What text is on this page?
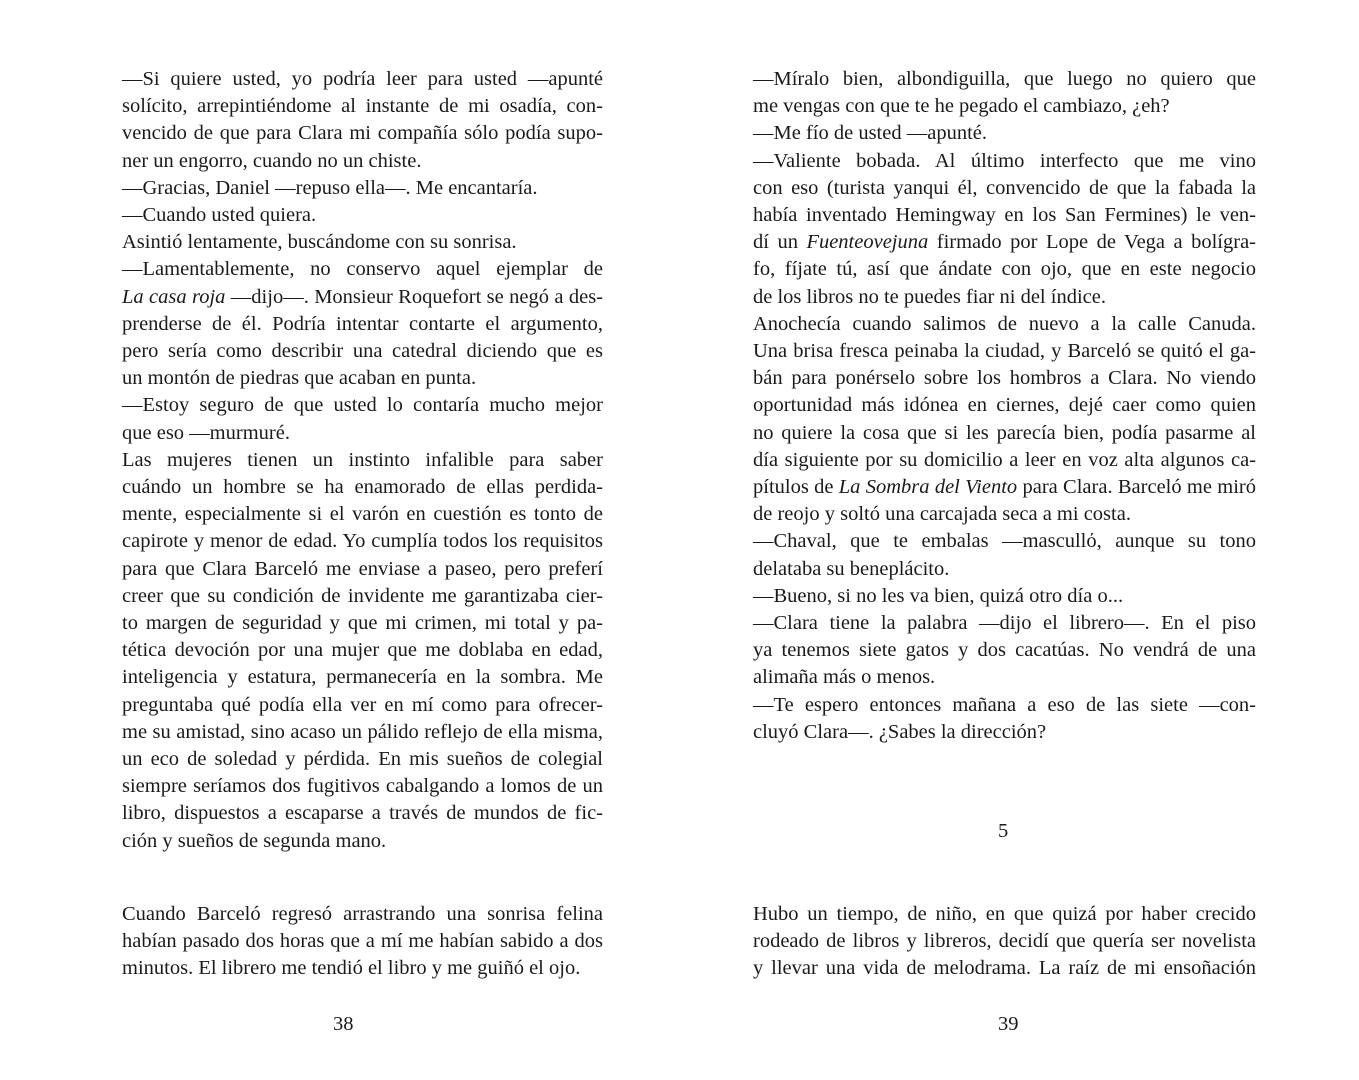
—Si quiere usted, yo podría leer para usted —apunté
solícito, arrepintiéndome al instante de mi osadía, con-
vencido de que para Clara mi compañía sólo podía supo-
ner un engorro, cuando no un chiste.
—Gracias, Daniel —repuso ella—. Me encantaría.
—Cuando usted quiera.
Asintió lentamente, buscándome con su sonrisa.
—Lamentablemente, no conservo aquel ejemplar de
La casa roja —dijo—. Monsieur Roquefort se negó a des-
prenderse de él. Podría intentar contarte el argumento,
pero sería como describir una catedral diciendo que es
un montón de piedras que acaban en punta.
—Estoy seguro de que usted lo contaría mucho mejor
que eso —murmuré.
Las mujeres tienen un instinto infalible para saber
cuándo un hombre se ha enamorado de ellas perdida-
mente, especialmente si el varón en cuestión es tonto de
capirote y menor de edad. Yo cumplía todos los requisitos
para que Clara Barceló me enviase a paseo, pero preferí
creer que su condición de invidente me garantizaba cier-
to margen de seguridad y que mi crimen, mi total y pa-
tética devoción por una mujer que me doblaba en edad,
inteligencia y estatura, permanecería en la sombra. Me
preguntaba qué podía ella ver en mí como para ofrecer-
me su amistad, sino acaso un pálido reflejo de ella misma,
un eco de soledad y pérdida. En mis sueños de colegial
siempre seríamos dos fugitivos cabalgando a lomos de un
libro, dispuestos a escaparse a través de mundos de fic-
ción y sueños de segunda mano.
Cuando Barceló regresó arrastrando una sonrisa felina
habían pasado dos horas que a mí me habían sabido a dos
minutos. El librero me tendió el libro y me guiñó el ojo.
38
—Míralo bien, albondiguilla, que luego no quiero que
me vengas con que te he pegado el cambiazo, ¿eh?
—Me fío de usted —apunté.
—Valiente bobada. Al último interfecto que me vino
con eso (turista yanqui él, convencido de que la fabada la
había inventado Hemingway en los San Fermines) le ven-
dí un Fuenteovejuna firmado por Lope de Vega a bolígra-
fo, fíjate tú, así que ándate con ojo, que en este negocio
de los libros no te puedes fiar ni del índice.
Anochecía cuando salimos de nuevo a la calle Canuda.
Una brisa fresca peinaba la ciudad, y Barceló se quitó el ga-
bán para ponérselo sobre los hombros a Clara. No viendo
oportunidad más idónea en ciernes, dejé caer como quien
no quiere la cosa que si les parecía bien, podía pasarme al
día siguiente por su domicilio a leer en voz alta algunos ca-
pítulos de La Sombra del Viento para Clara. Barceló me miró
de reojo y soltó una carcajada seca a mi costa.
—Chaval, que te embalas —mascullό, aunque su tono
delataba su beneplácito.
—Bueno, si no les va bien, quizá otro día o...
—Clara tiene la palabra —dijo el librero—. En el piso
ya tenemos siete gatos y dos cacatúas. No vendrá de una
alimaña más o menos.
—Te espero entonces mañana a eso de las siete —con-
cluyó Clara—. ¿Sabes la dirección?
5
Hubo un tiempo, de niño, en que quizá por haber crecido
rodeado de libros y libreros, decidí que quería ser novelista
y llevar una vida de melodrama. La raíz de mi ensoñación
39
